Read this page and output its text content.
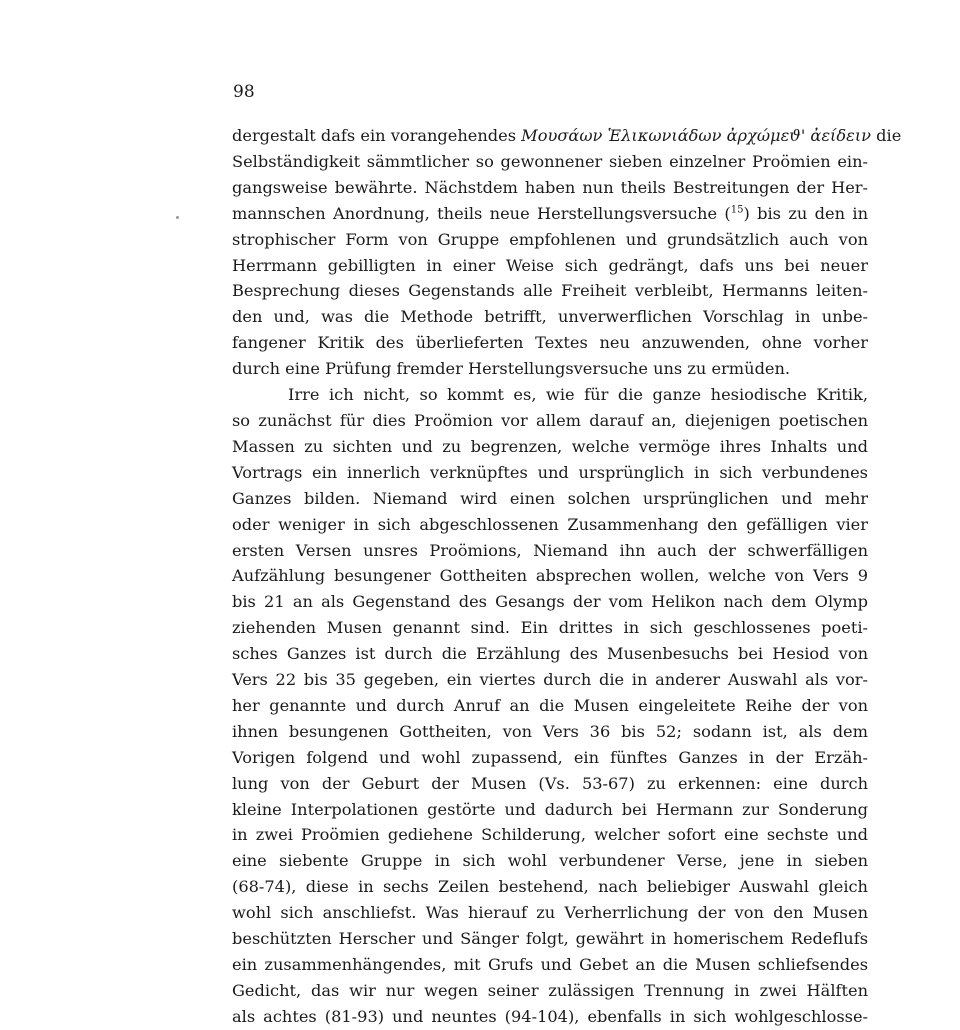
98
dergestalt dafs ein vorangehendes Μουσάων Ἑλικωνιάδων ἀρχώμεϑ' ἀείδειν die
Selbständigkeit sämmtlicher so gewonnener sieben einzelner Proömien ein-
gangsweise bewährte. Nächstdem haben nun theils Bestreitungen der Her-
mannschen Anordnung, theils neue Herstellungsversuche ($^{15}$) bis zu den in
strophischer Form von Gruppe empfohlenen und grundsätzlich auch von
Herrmann gebilligten in einer Weise sich gedrängt, dafs uns bei neuer
Besprechung dieses Gegenstands alle Freiheit verbleibt, Hermanns leiten-
den und, was die Methode betrifft, unverwerflichen Vorschlag in unbe-
fangener Kritik des überlieferten Textes neu anzuwenden, ohne vorher
durch eine Prüfung fremder Herstellungsversuche uns zu ermüden.
Irre ich nicht, so kommt es, wie für die ganze hesiodische Kritik,
so zunächst für dies Proömion vor allem darauf an, diejenigen poetischen
Massen zu sichten und zu begrenzen, welche vermöge ihres Inhalts und
Vortrags ein innerlich verknüpftes und ursprünglich in sich verbundenes
Ganzes bilden. Niemand wird einen solchen ursprünglichen und mehr
oder weniger in sich abgeschlossenen Zusammenhang den gefälligen vier
ersten Versen unsres Proömions, Niemand ihn auch der schwerfälligen
Aufzählung besungener Gottheiten absprechen wollen, welche von Vers 9
bis 21 an als Gegenstand des Gesangs der vom Helikon nach dem Olymp
ziehenden Musen genannt sind. Ein drittes in sich geschlossenes poeti-
sches Ganzes ist durch die Erzählung des Musenbesuchs bei Hesiod von
Vers 22 bis 35 gegeben, ein viertes durch die in anderer Auswahl als vor-
her genannte und durch Anruf an die Musen eingeleitete Reihe der von
ihnen besungenen Gottheiten, von Vers 36 bis 52; sodann ist, als dem
Vorigen folgend und wohl zupassend, ein fünftes Ganzes in der Erzäh-
lung von der Geburt der Musen (Vs. 53-67) zu erkennen: eine durch
kleine Interpolationen gestörte und dadurch bei Hermann zur Sonderung
in zwei Proömien gediehene Schilderung, welcher sofort eine sechste und
eine siebente Gruppe in sich wohl verbundener Verse, jene in sieben
(68-74), diese in sechs Zeilen bestehend, nach beliebiger Auswahl gleich
wohl sich anschliefst. Was hierauf zu Verherrlichung der von den Musen
beschützten Herscher und Sänger folgt, gewährt in homerischem Redeflufs
ein zusammenhängendes, mit Grufs und Gebet an die Musen schliefsendes
Gedicht, das wir nur wegen seiner zulässigen Trennung in zwei Hälften
als achtes (81-93) und neuntes (94-104), ebenfalls in sich wohlgeschlosse-
